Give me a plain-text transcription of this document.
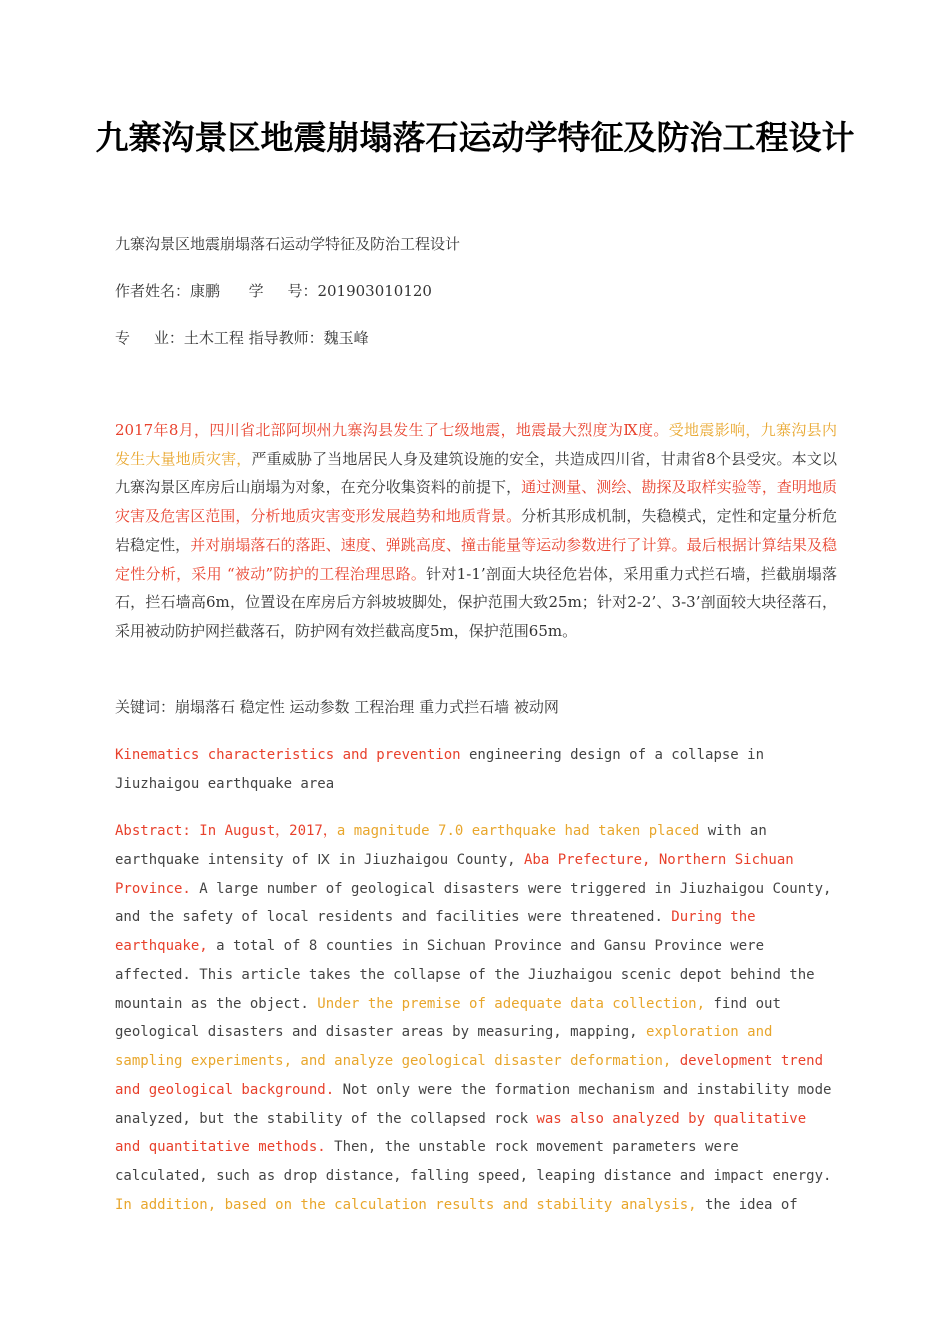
九寨沟景区地震崩塌落石运动学特征及防治工程设计
九寨沟景区地震崩塌落石运动学特征及防治工程设计
作者姓名：康鹏      学     号：201903010120
专     业：土木工程 指导教师：魏玉峰
2017年8月，四川省北部阿坝州九寨沟县发生了七级地震，地震最大烈度为Ⅸ度。受地震影响，九寨沟县内发生大量地质灾害，严重威胁了当地居民人身及建筑设施的安全，共造成四川省，甘肃省8个县受灾。本文以九寨沟景区库房后山崩塌为对象，在充分收集资料的前提下，通过测量、测绘、勘探及取样实验等，查明地质灾害及危害区范围，分析地质灾害变形发展趋势和地质背景。分析其形成机制，失稳模式，定性和定量分析危岩稳定性，并对崩塌落石的落距、速度、弹跳高度、撞击能量等运动参数进行了计算。最后根据计算结果及稳定性分析，采用 “被动”防护的工程治理思路。针对1-1’剖面大块径危岩体，采用重力式拦石墙，拦截崩塌落石，拦石墙高6m，位置设在库房后方斜坡坡脚处，保护范围大致25m；针对2-2’、3-3’剖面较大块径落石，采用被动防护网拦截落石，防护网有效拦截高度5m，保护范围65m。
关键词：崩塌落石 稳定性 运动参数 工程治理 重力式拦石墙 被动网
Kinematics characteristics and prevention engineering design of a collapse in Jiuzhaigou earthquake area
Abstract: In August，2017，a magnitude 7.0 earthquake had taken placed with an earthquake intensity of Ⅸ in Jiuzhaigou County, Aba Prefecture, Northern Sichuan Province. A large number of geological disasters were triggered in Jiuzhaigou County, and the safety of local residents and facilities were threatened. During the earthquake, a total of 8 counties in Sichuan Province and Gansu Province were affected. This article takes the collapse of the Jiuzhaigou scenic depot behind the mountain as the object. Under the premise of adequate data collection, find out geological disasters and disaster areas by measuring, mapping, exploration and sampling experiments, and analyze geological disaster deformation, development trend and geological background. Not only were the formation mechanism and instability mode analyzed, but the stability of the collapsed rock was also analyzed by qualitative and quantitative methods. Then, the unstable rock movement parameters were calculated, such as drop distance, falling speed, leaping distance and impact energy. In addition, based on the calculation results and stability analysis, the idea of
